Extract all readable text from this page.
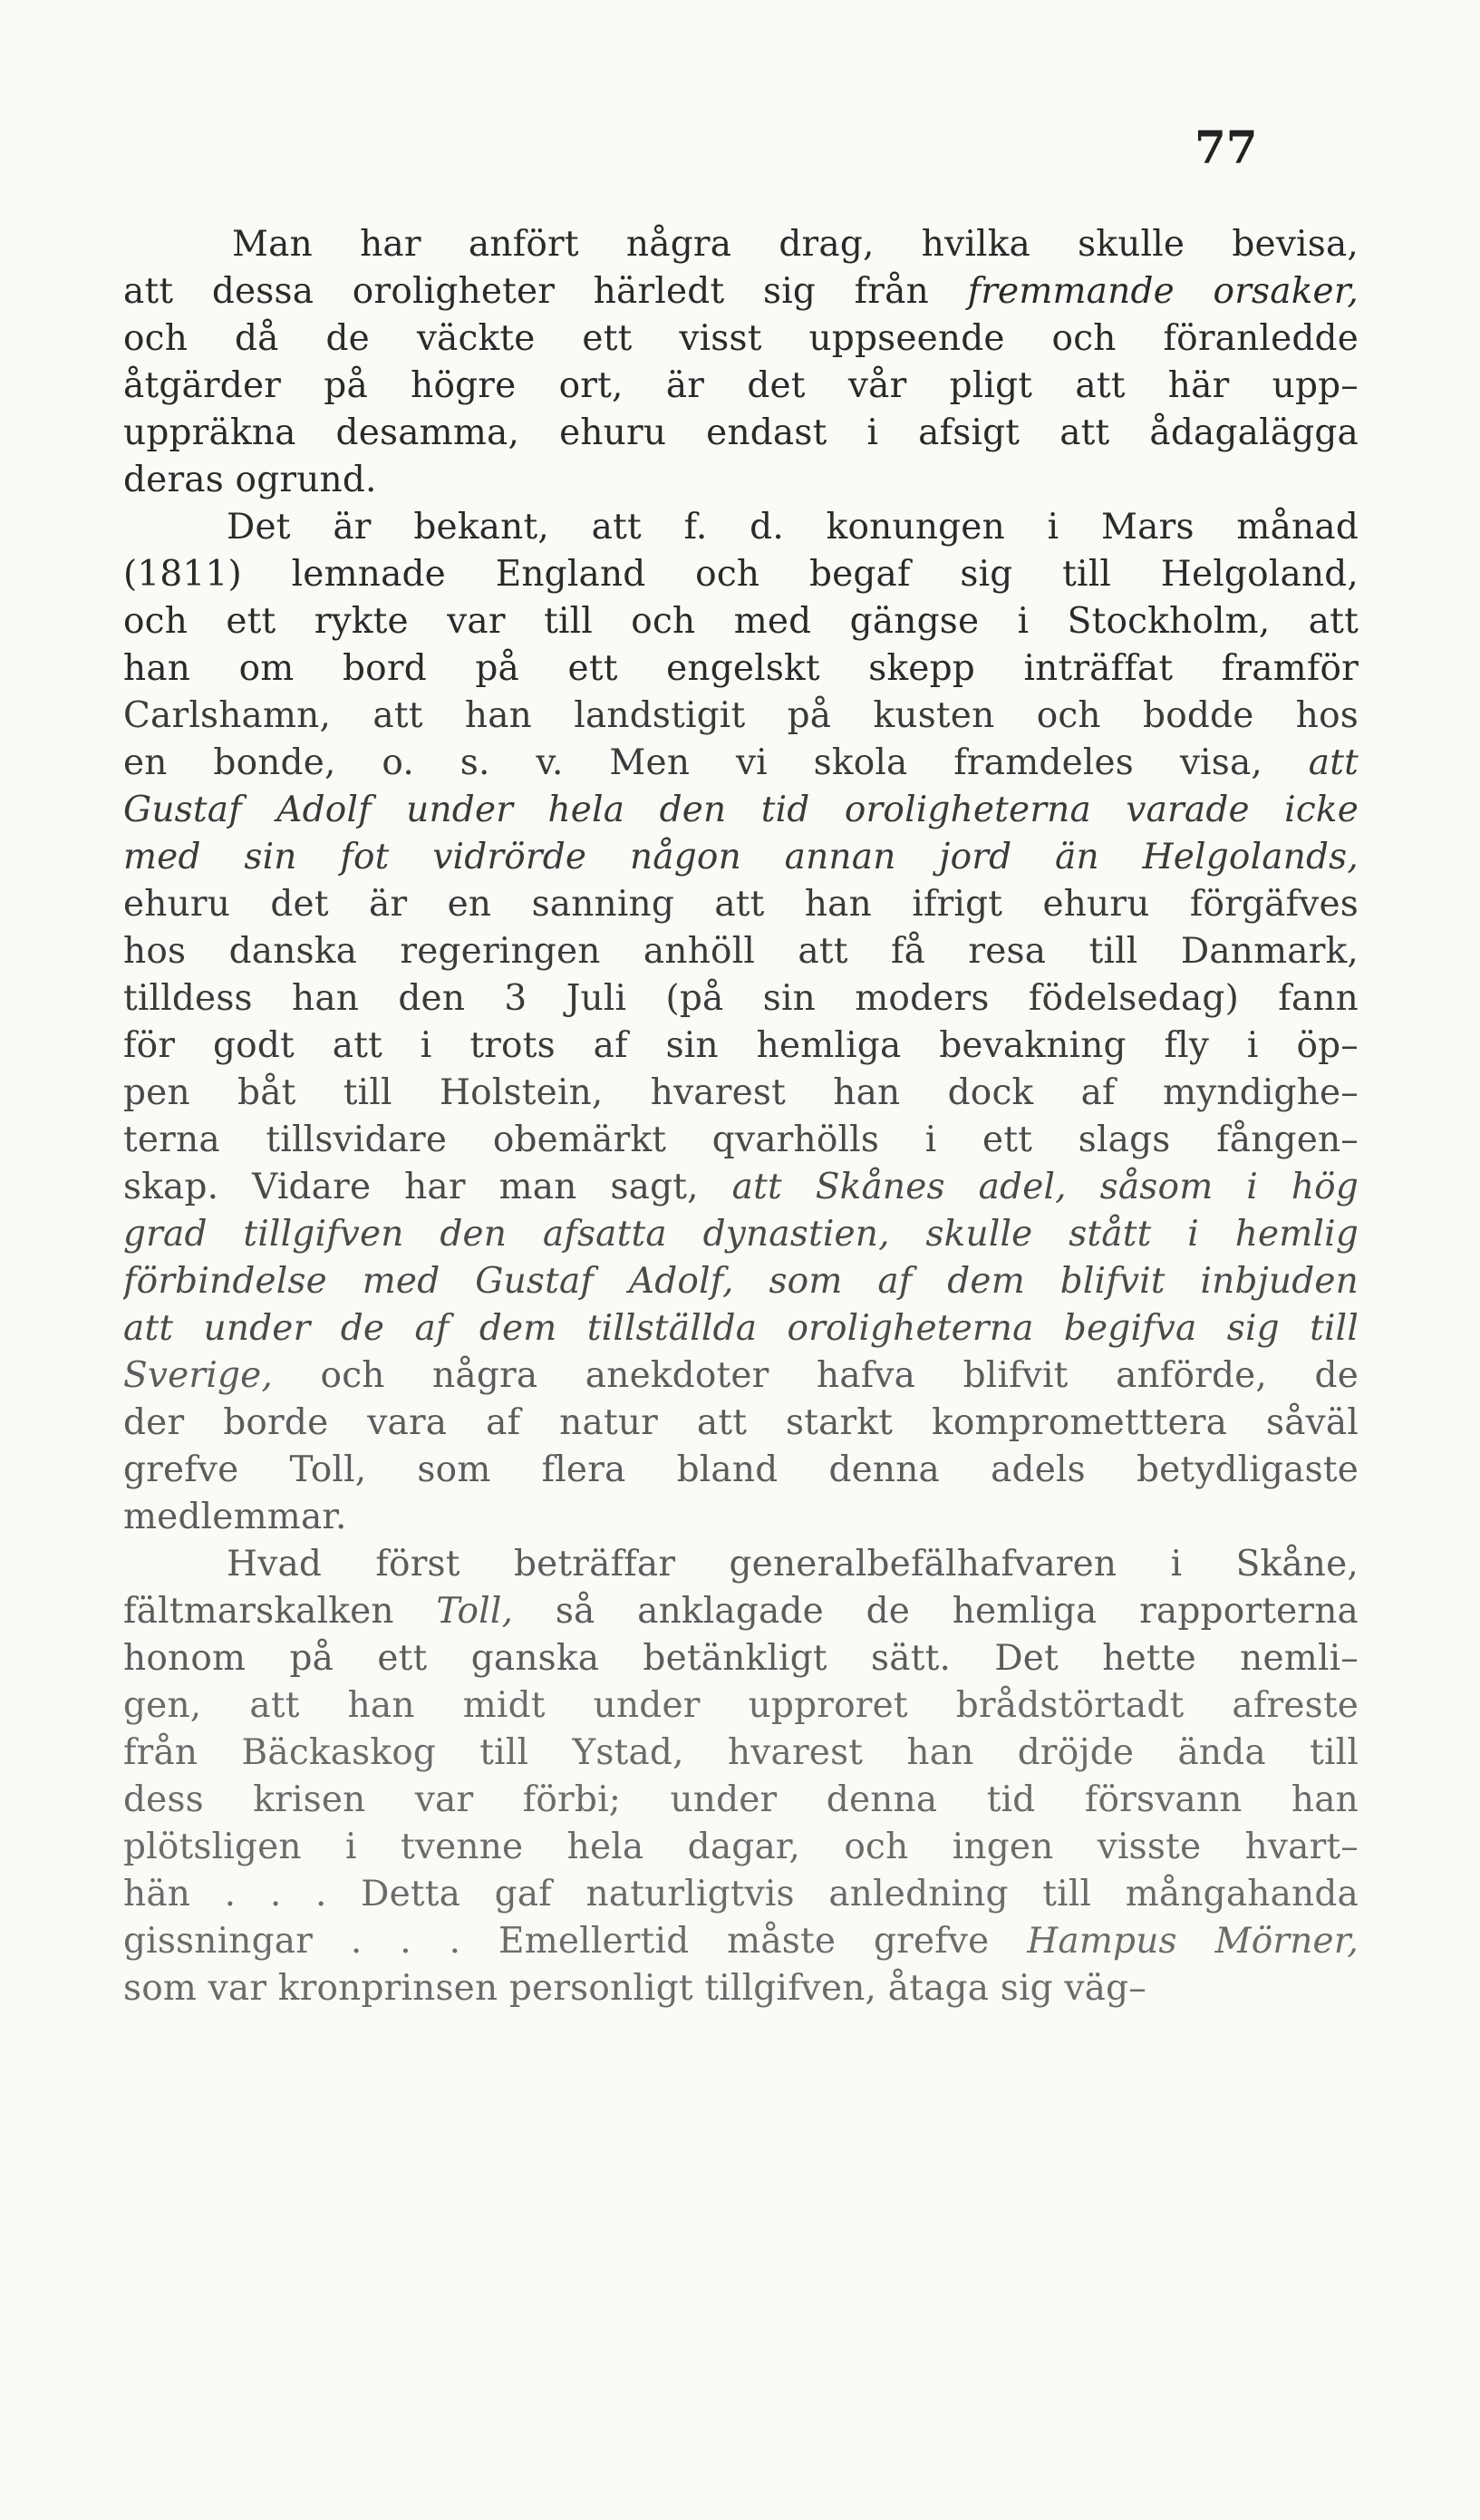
77
Man har anfört några drag, hvilka skulle bevisa,
att dessa oroligheter härledt sig från fremmande orsaker,
och då de väckte ett visst uppseende och föranledde
åtgärder på högre ort, är det vår pligt att här upp–
uppräkna desamma, ehuru endast i afsigt att ådagalägga
deras ogrund.
Det är bekant, att f. d. konungen i Mars månad
(1811) lemnade England och begaf sig till Helgoland,
och ett rykte var till och med gängse i Stockholm, att
han om bord på ett engelskt skepp inträffat framför
Carlshamn, att han landstigit på kusten och bodde hos
en bonde, o. s. v. Men vi skola framdeles visa, att
Gustaf Adolf under hela den tid oroligheterna varade icke
med sin fot vidrörde någon annan jord än Helgolands,
ehuru det är en sanning att han ifrigt ehuru förgäfves
hos danska regeringen anhöll att få resa till Danmark,
tilldess han den 3 Juli (på sin moders födelsedag) fann
för godt att i trots af sin hemliga bevakning fly i öp–
pen båt till Holstein, hvarest han dock af myndighe–
terna tillsvidare obemärkt qvarhölls i ett slags fången–
skap. Vidare har man sagt, att Skånes adel, såsom i hög
grad tillgifven den afsatta dynastien, skulle stått i hemlig
förbindelse med Gustaf Adolf, som af dem blifvit inbjuden
att under de af dem tillställda oroligheterna begifva sig till
Sverige, och några anekdoter hafva blifvit anförde, de
der borde vara af natur att starkt komprometttera såväl
grefve Toll, som flera bland denna adels betydligaste
medlemmar.
Hvad först beträffar generalbefälhafvaren i Skåne,
fältmarskalken Toll, så anklagade de hemliga rapporterna
honom på ett ganska betänkligt sätt. Det hette nemli–
gen, att han midt under upproret brådstörtadt afreste
från Bäckaskog till Ystad, hvarest han dröjde ända till
dess krisen var förbi; under denna tid försvann han
plötsligen i tvenne hela dagar, och ingen visste hvart–
hän . . . Detta gaf naturligtvis anledning till mångahanda
gissningar . . . Emellertid måste grefve Hampus Mörner,
som var kronprinsen personligt tillgifven, åtaga sig väg–
